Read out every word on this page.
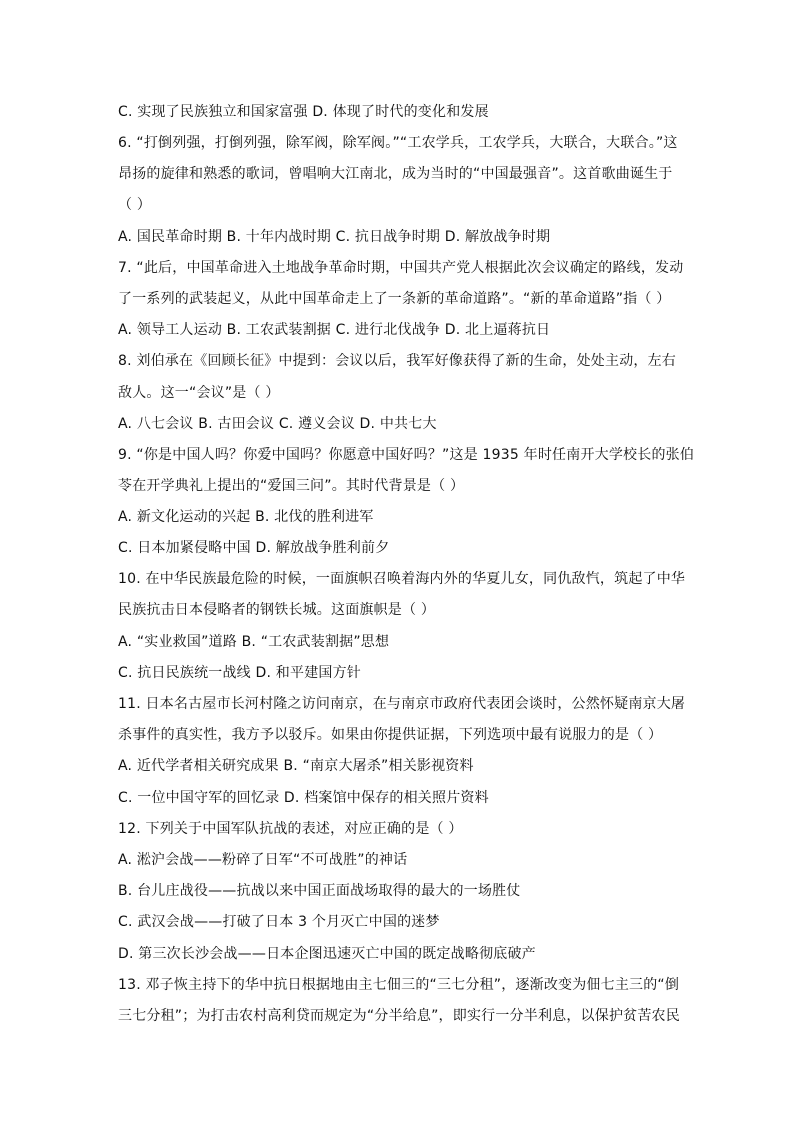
C. 实现了民族独立和国家富强 D. 体现了时代的变化和发展
6. “打倒列强，打倒列强，除军阀，除军阀。”“工农学兵，工农学兵，大联合，大联合。”这
昂扬的旋律和熟悉的歌词，曾唱响大江南北，成为当时的“中国最强音”。这首歌曲诞生于
（ ）
A. 国民革命时期 B. 十年内战时期 C. 抗日战争时期 D. 解放战争时期
7. “此后，中国革命进入土地战争革命时期，中国共产党人根据此次会议确定的路线，发动
了一系列的武装起义，从此中国革命走上了一条新的革命道路”。“新的革命道路”指（ ）
A. 领导工人运动 B. 工农武装割据 C. 进行北伐战争 D. 北上逼蒋抗日
8. 刘伯承在《回顾长征》中提到：会议以后，我军好像获得了新的生命，处处主动，左右
敌人。这一“会议”是（ ）
A. 八七会议 B. 古田会议 C. 遵义会议 D. 中共七大
9. “你是中国人吗？你爱中国吗？你愿意中国好吗？”这是 1935 年时任南开大学校长的张伯
苓在开学典礼上提出的“爱国三问”。其时代背景是（ ）
A. 新文化运动的兴起 B. 北伐的胜利进军
C. 日本加紧侵略中国 D. 解放战争胜利前夕
10. 在中华民族最危险的时候，一面旗帜召唤着海内外的华夏儿女，同仇敌忾，筑起了中华
民族抗击日本侵略者的钢铁长城。这面旗帜是（ ）
A. “实业救国”道路 B. “工农武装割据”思想
C. 抗日民族统一战线 D. 和平建国方针
11. 日本名古屋市长河村隆之访问南京，在与南京市政府代表团会谈时，公然怀疑南京大屠
杀事件的真实性，我方予以驳斥。如果由你提供证据，下列选项中最有说服力的是（ ）
A. 近代学者相关研究成果 B. “南京大屠杀”相关影视资料
C. 一位中国守军的回忆录 D. 档案馆中保存的相关照片资料
12. 下列关于中国军队抗战的表述，对应正确的是（ ）
A. 淞沪会战——粉碎了日军“不可战胜”的神话
B. 台儿庄战役——抗战以来中国正面战场取得的最大的一场胜仗
C. 武汉会战——打破了日本 3 个月灭亡中国的迷梦
D. 第三次长沙会战——日本企图迅速灭亡中国的既定战略彻底破产
13. 邓子恢主持下的华中抗日根据地由主七佃三的“三七分租”，逐渐改变为佃七主三的“倒
三七分租”；为打击农村高利贷而规定为“分半给息”，即实行一分半利息，以保护贫苦农民
